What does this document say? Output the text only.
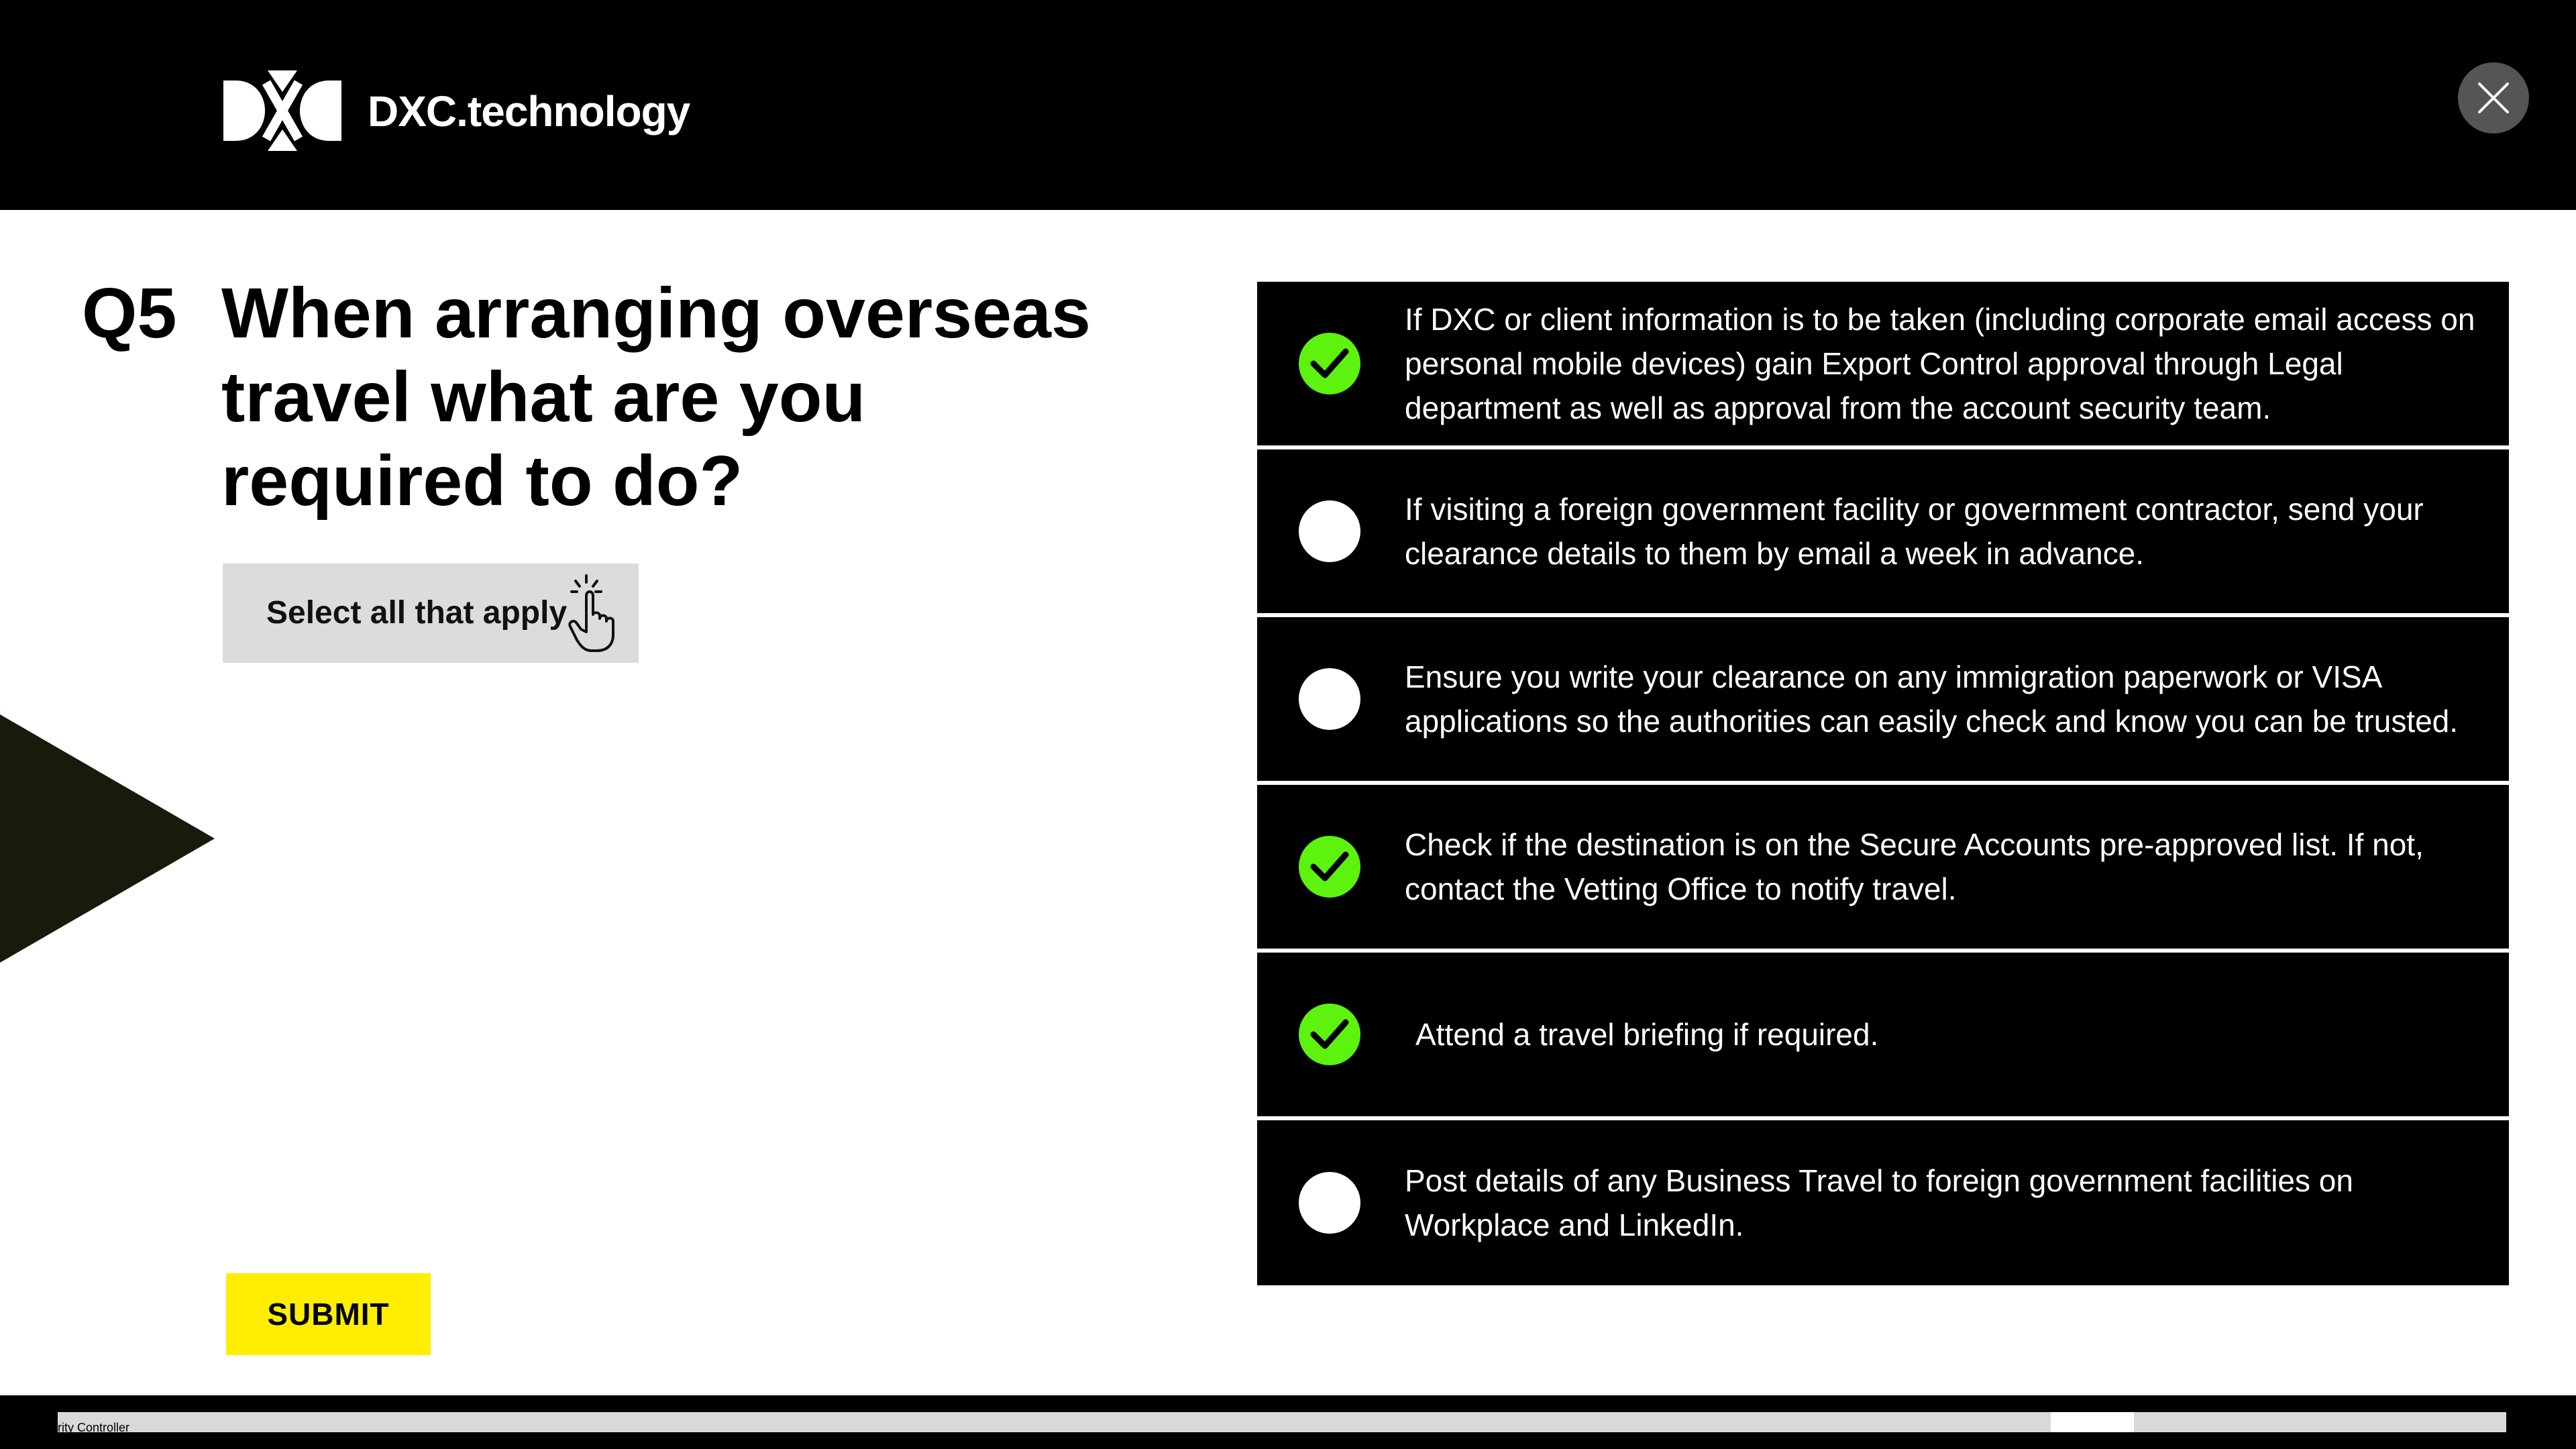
DXC.technology
Q5 When arranging overseas travel what are you required to do?
Select all that apply
If DXC or client information is to be taken (including corporate email access on personal mobile devices) gain Export Control approval through Legal department as well as approval from the account security team.
If visiting a foreign government facility or government contractor, send your clearance details to them by email a week in advance.
Ensure you write your clearance on any immigration paperwork or VISA applications so the authorities can easily check and know you can be trusted.
Check if the destination is on the Secure Accounts pre-approved list. If not, contact the Vetting Office to notify travel.
Attend a travel briefing if required.
Post details of any Business Travel to foreign government facilities on Workplace and LinkedIn.
SUBMIT
rity Controller
